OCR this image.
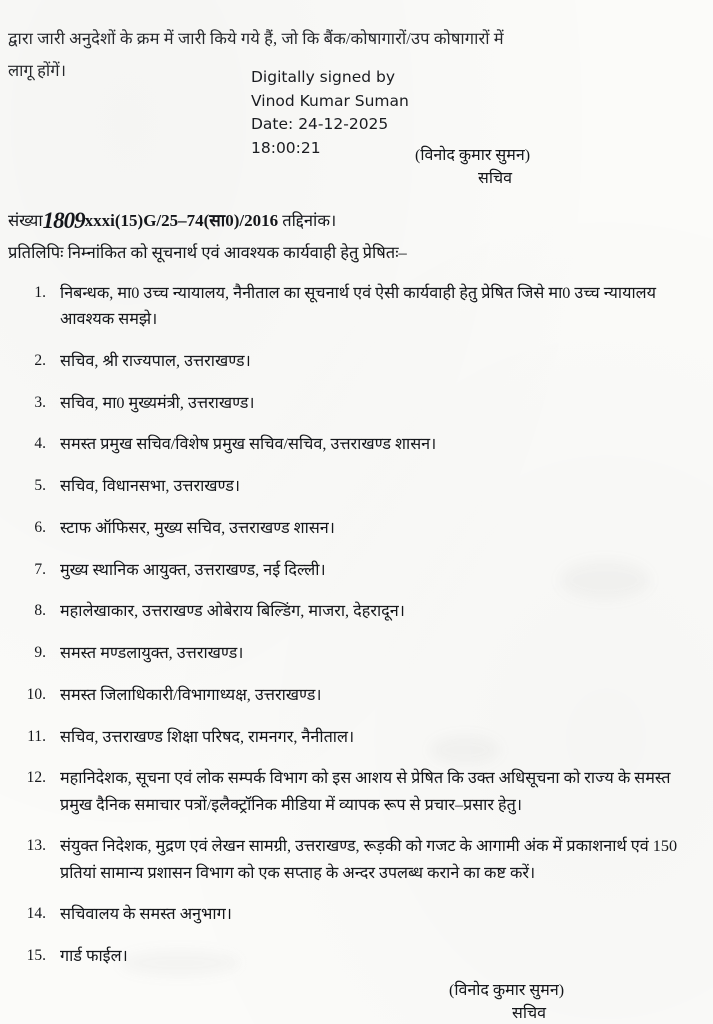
द्वारा जारी अनुदेशों के क्रम में जारी किये गये हैं, जो कि बैंक/कोषागारों/उप कोषागारों में
लागू होंगें।	Digitally signed by
Vinod Kumar Suman
Date: 24-12-2025
18:00:21	(विनोद कुमार सुमन)
सचिव
संख्या1809xxxi(15)G/25–74(सा0)/2016 तद्दिनांक।
प्रतिलिपिः निम्नांकित को सूचनार्थ एवं आवश्यक कार्यवाही हेतु प्रेषितः–
1 . निबन्धक, मा0 उच्च न्यायालय, नैनीताल का सूचनार्थ एवं ऐसी कार्यवाही हेतु प्रेषित जिसे मा0 उच्च न्यायालय आवश्यक समझे।
2 . सचिव, श्री राज्यपाल, उत्तराखण्ड।
3 . सचिव, मा0 मुख्यमंत्री, उत्तराखण्ड।
4 . समस्त प्रमुख सचिव/विशेष प्रमुख सचिव/सचिव, उत्तराखण्ड शासन।
5 . सचिव, विधानसभा, उत्तराखण्ड।
6 . स्टाफ ऑफिसर, मुख्य सचिव, उत्तराखण्ड शासन।
7 . मुख्य स्थानिक आयुक्त, उत्तराखण्ड, नई दिल्ली।
8 . महालेखाकार, उत्तराखण्ड ओबेराय बिल्डिंग, माजरा, देहरादून।
9 . समस्त मण्डलायुक्त, उत्तराखण्ड।
10 . समस्त जिलाधिकारी/विभागाध्यक्ष, उत्तराखण्ड।
11 . सचिव, उत्तराखण्ड शिक्षा परिषद, रामनगर, नैनीताल।
12 . महानिदेशक, सूचना एवं लोक सम्पर्क विभाग को इस आशय से प्रेषित कि उक्त अधिसूचना को राज्य के समस्त प्रमुख दैनिक समाचार पत्रों/इलैक्ट्रॉनिक मीडिया में व्यापक रूप से प्रचार–प्रसार हेतु।
13 . संयुक्त निदेशक, मुद्रण एवं लेखन सामग्री, उत्तराखण्ड, रूड़की को गजट के आगामी अंक में प्रकाशनार्थ एवं 150 प्रतियां सामान्य प्रशासन विभाग को एक सप्ताह के अन्दर उपलब्ध कराने का कष्ट करें।
14 . सचिवालय के समस्त अनुभाग।
15 . गार्ड फाईल।
(विनोद कुमार सुमन)
सचिव
